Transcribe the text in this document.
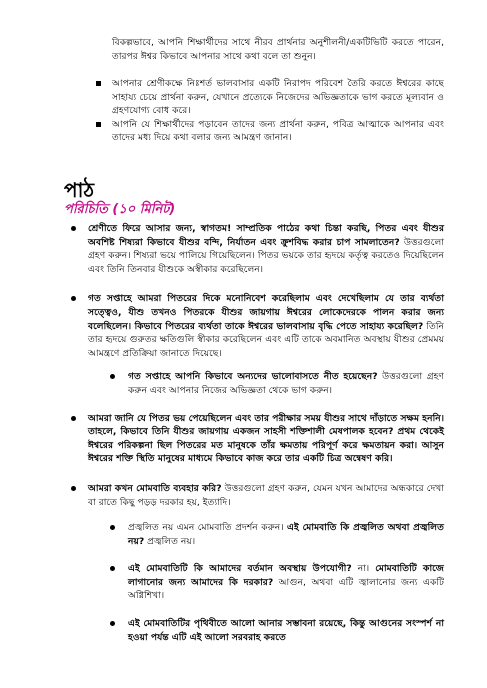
বিকল্পভাবে, আপনি শিক্ষার্থীদের সাথে নীরব প্রার্থনার অনুশীলনী/একটিভিটি করতে পারেন, তারপর ঈশ্বর কিভাবে আপনার সাথে কথা বলে তা শুনুন।
আপনার শ্রেণীকক্ষে নিঃশর্ত ভালবাসার একটি নিরাপদ পরিবেশ তৈরি করতে ঈশ্বরের কাছে সাহায্য চেয়ে প্রার্থনা করুন, যেখানে প্রত্যেকে নিজেদের অভিজ্ঞতাকে ভাগ করতে মূল্যবান ও গ্রহণযোগ্য বোধ করে।
আপনি যে শিক্ষার্থীদের পড়াবেন তাদের জন্য প্রার্থনা করুন, পবিত্র আত্মাকে আপনার এবং তাদের মধ্য দিয়ে কথা বলার জন্য আমন্ত্রণ জানান।
পাঠ
পরিচিতি (১০ মিনিট)
শ্রেণীতে ফিরে আসার জন্য, স্বাগতম! সাম্প্রতিক পাঠের কথা চিন্তা করছি, পিতর এবং যীশুর অবশিষ্ট শিষ্যরা কিভাবে যীশুর বন্দি, নির্যাতন এবং ক্রুশবিদ্ধ করার চাপ সামলাতেন? উত্তরগুলো গ্রহণ করুন। শিষ্যরা ভয়ে পালিয়ে গিয়েছিলেন। পিতর ভয়কে তার হৃদয়ে কর্তৃত্ব করতেও দিয়েছিলেন এবং তিনি তিনবার যীশুকে অস্বীকার করেছিলেন।
গত সপ্তাহে আমরা পিতরের দিকে মনোনিবেশ করেছিলাম এবং দেখেছিলাম যে তার ব্যর্থতা সত্ত্বেও, যীশু তখনও পিতরকে যীশুর জায়গায় ঈশ্বরের লোকেদেরকে পালন করার জন্য বলেছিলেন। কিভাবে পিতরের ব্যর্থতা তাকে ঈশ্বরের ভালবাসায় বৃদ্ধি পেতে সাহায্য করেছিল? তিনি তার হৃদয়ে গুরুতর ক্ষতিগুলি স্বীকার করেছিলেন এবং এটি তাকে অবমানিত অবস্থায় যীশুর প্রেমময় আমন্ত্রণে প্রতিক্রিয়া জানাতে দিয়েছে।
গত সপ্তাহে আপনি কিভাবে অন্যদের ভালোবাসতে নীত হয়েছেন? উত্তরগুলো গ্রহণ করুন এবং আপনার নিজের অভিজ্ঞতা থেকে ভাগ করুন।
আমরা জানি যে পিতর ভয় পেয়েছিলেন এবং তার পরীক্ষার সময় যীশুর সাথে দাঁড়াতে সক্ষম হননি। তাহলে, কিভাবে তিনি যীশুর জায়গায় একজন সাহসী শক্তিশালী মেষপালক হবেন? প্রথম থেকেই ঈশ্বরের পরিকল্পনা ছিল পিতরের মত মানুষকে তাঁর ক্ষমতায় পরিপূর্ণ করে ক্ষমতায়ন করা। আসুন ঈশ্বরের শক্তি স্থিতি মানুষের মাধ্যমে কিভাবে কাজ করে তার একটি চিত্র অন্বেষণ করি।
আমরা কখন মোমবাতি ব্যবহার করি? উত্তরগুলো গ্রহণ করুন, যেমন যখন আমাদের অন্ধকারে দেখা বা রাতে কিছু পড়ড় দরকার হয়, ইত্যাদি।
প্রজ্বলিত নয় এমন মোমবাতি প্রদর্শন করুন। এই মোমবাতি কি প্রজ্বলিত অথবা প্রজ্বলিত নয়? প্রজ্বলিত নয়।
এই মোমবাতিটি কি আমাদের বর্তমান অবস্থায় উপযোগী? না। মোমবাতিটি কাজে লাগানোর জন্য আমাদের কি দরকার? আগুন, অথবা এটি জ্বালানোর জন্য একটি অগ্নিশিখা।
এই মোমবাতিটির পৃথিবীতে আলো আনার সম্ভাবনা রয়েছে, কিন্তু আগুনের সংস্পর্শ না হওয়া পর্যন্ত এটি এই আলো সরবরাহ করতে
